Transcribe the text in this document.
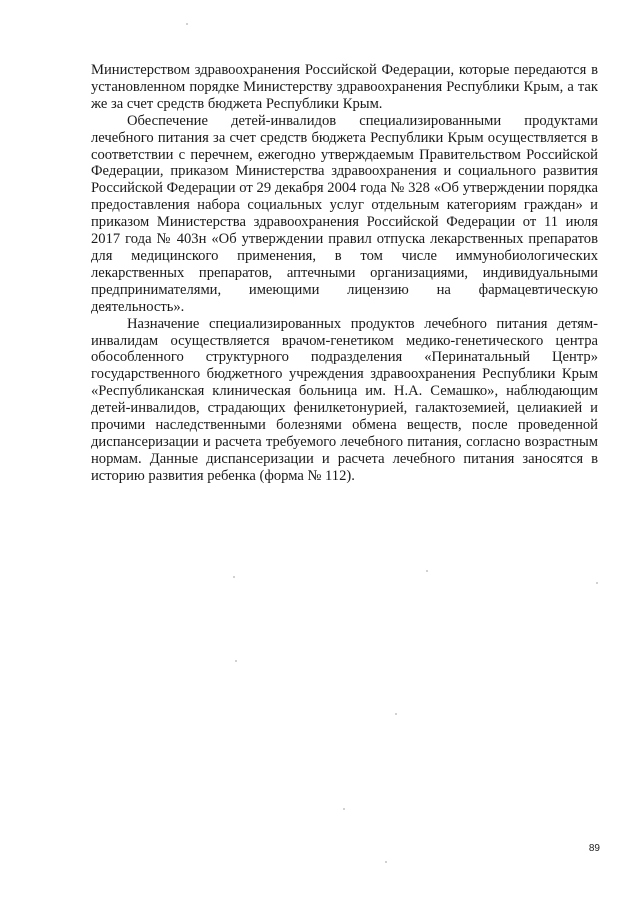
Министерством здравоохранения Российской Федерации, которые передаются в установленном порядке Министерству здравоохранения Республики Крым, а так же за счет средств бюджета Республики Крым.

Обеспечение детей-инвалидов специализированными продуктами лечебного питания за счет средств бюджета Республики Крым осуществляется в соответствии с перечнем, ежегодно утверждаемым Правительством Российской Федерации, приказом Министерства здравоохранения и социального развития Российской Федерации от 29 декабря 2004 года № 328 «Об утверждении порядка предоставления набора социальных услуг отдельным категориям граждан» и приказом Министерства здравоохранения Российской Федерации от 11 июля 2017 года № 403н «Об утверждении правил отпуска лекарственных препаратов для медицинского применения, в том числе иммунобиологических лекарственных препаратов, аптечными организациями, индивидуальными предпринимателями, имеющими лицензию на фармацевтическую деятельность».

Назначение специализированных продуктов лечебного питания детям-инвалидам осуществляется врачом-генетиком медико-генетического центра обособленного структурного подразделения «Перинатальный Центр» государственного бюджетного учреждения здравоохранения Республики Крым «Республиканская клиническая больница им. Н.А. Семашко», наблюдающим детей-инвалидов, страдающих фенилкетонурией, галактоземией, целиакией и прочими наследственными болезнями обмена веществ, после проведенной диспансеризации и расчета требуемого лечебного питания, согласно возрастным нормам. Данные диспансеризации и расчета лечебного питания заносятся в историю развития ребенка (форма № 112).

89
